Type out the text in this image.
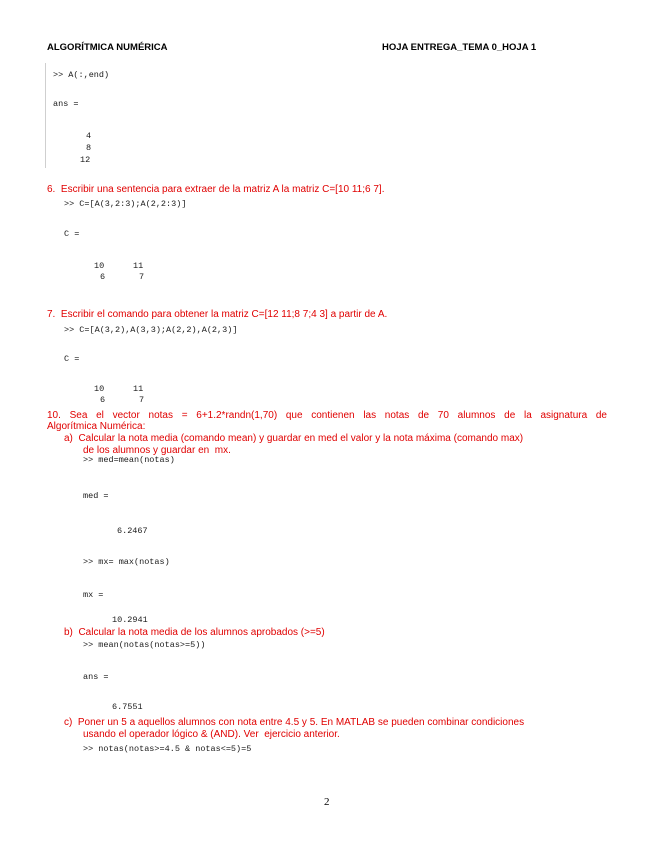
ALGORÍTMICA NUMÉRICA	HOJA ENTREGA_TEMA 0_HOJA 1
>> A(:,end)
ans =
4
8
12
6.  Escribir una sentencia para extraer de la matriz A la matriz C=[10 11;6 7].
>> C=[A(3,2:3);A(2,2:3)]
C =
10	11
6	7
7.  Escribir el comando para obtener la matriz C=[12 11;8 7;4 3] a partir de A.
>> C=[A(3,2),A(3,3);A(2,2),A(2,3)]
C =
10	11
6	7
10. Sea el vector notas = 6+1.2*randn(1,70) que contienen las notas de 70 alumnos de la asignatura de
Algorítmica Numérica:
a)  Calcular la nota media (comando mean) y guardar en med el valor y la nota máxima (comando max)
de los alumnos y guardar en  mx.
>> med=mean(notas)
med =
6.2467
>> mx= max(notas)
mx =
10.2941
b)  Calcular la nota media de los alumnos aprobados (>=5)
>> mean(notas(notas>=5))
ans =
6.7551
c)  Poner un 5 a aquellos alumnos con nota entre 4.5 y 5. En MATLAB se pueden combinar condiciones
usando el operador lógico & (AND). Ver  ejercicio anterior.
>> notas(notas>=4.5 & notas<=5)=5
2
